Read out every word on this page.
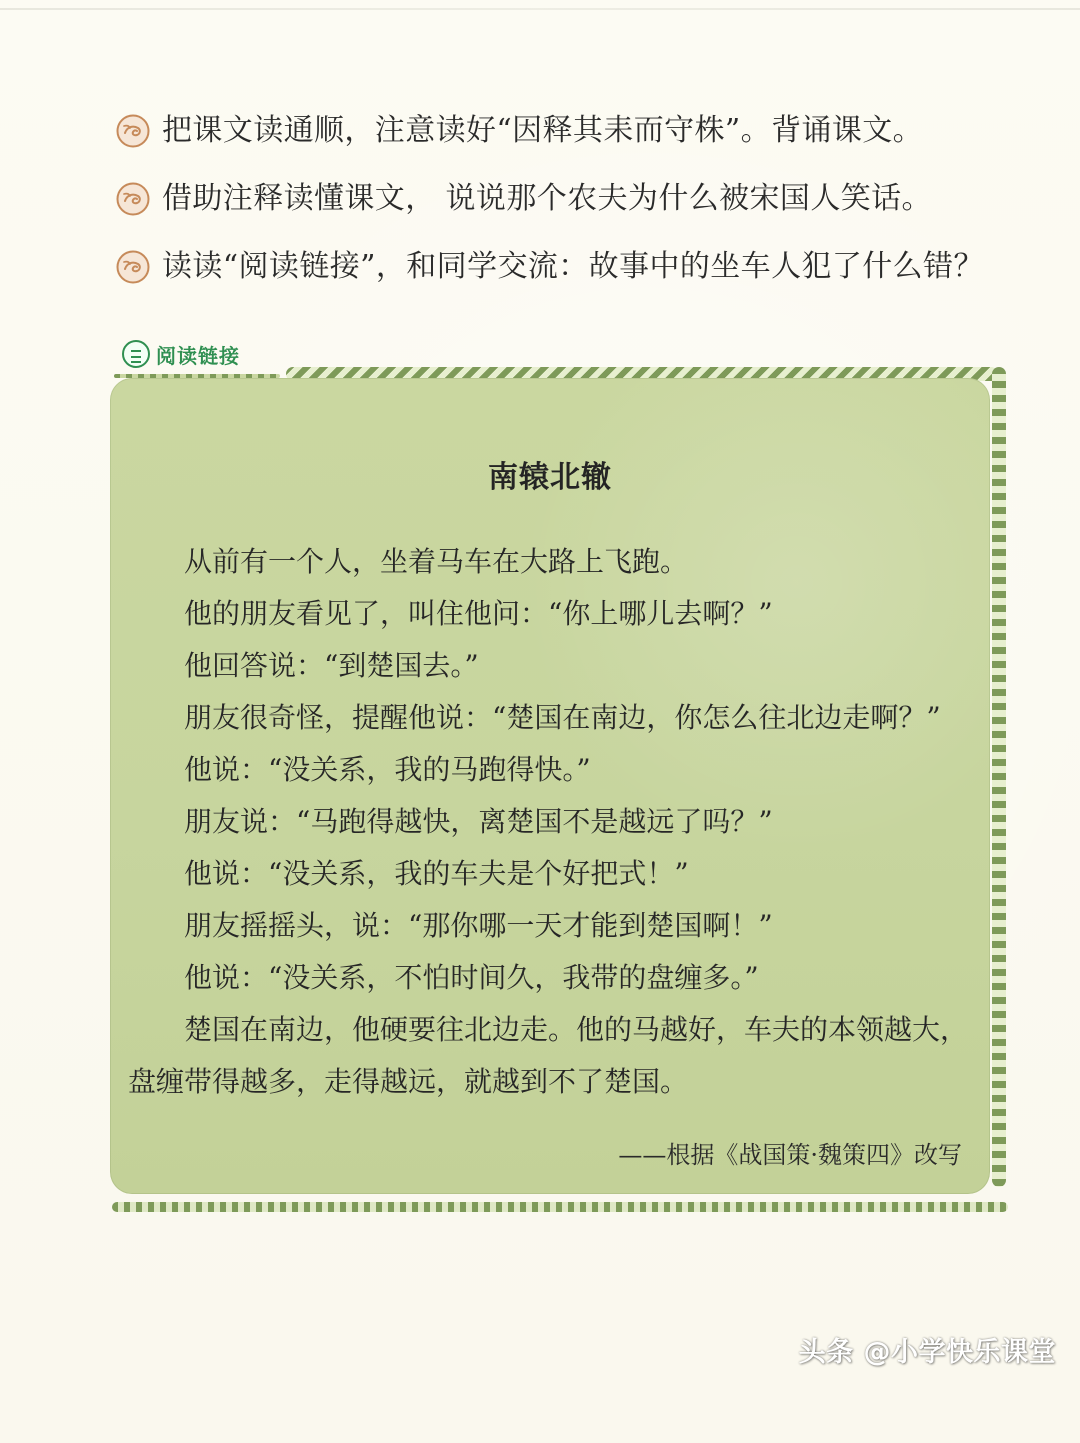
把课文读通顺，注意读好“因释其耒而守株”。背诵课文。
借助注释读懂课文， 说说那个农夫为什么被宋国人笑话。
读读“阅读链接”，和同学交流：故事中的坐车人犯了什么错？
阅读链接
南辕北辙

从前有一个人，坐着马车在大路上飞跑。

他的朋友看见了，叫住他问：“你上哪儿去啊？”

他回答说：“到楚国去。”

朋友很奇怪，提醒他说：“楚国在南边，你怎么往北边走啊？”

他说：“没关系，我的马跑得快。”

朋友说：“马跑得越快，离楚国不是越远了吗？”

他说：“没关系，我的车夫是个好把式！”

朋友摇摇头，说：“那你哪一天才能到楚国啊！”

他说：“没关系，不怕时间久，我带的盘缠多。”

楚国在南边，他硬要往北边走。他的马越好，车夫的本领越大，盘缠带得越多，走得越远，就越到不了楚国。

——根据《战国策·魏策四》改写
头条 @小学快乐课堂
